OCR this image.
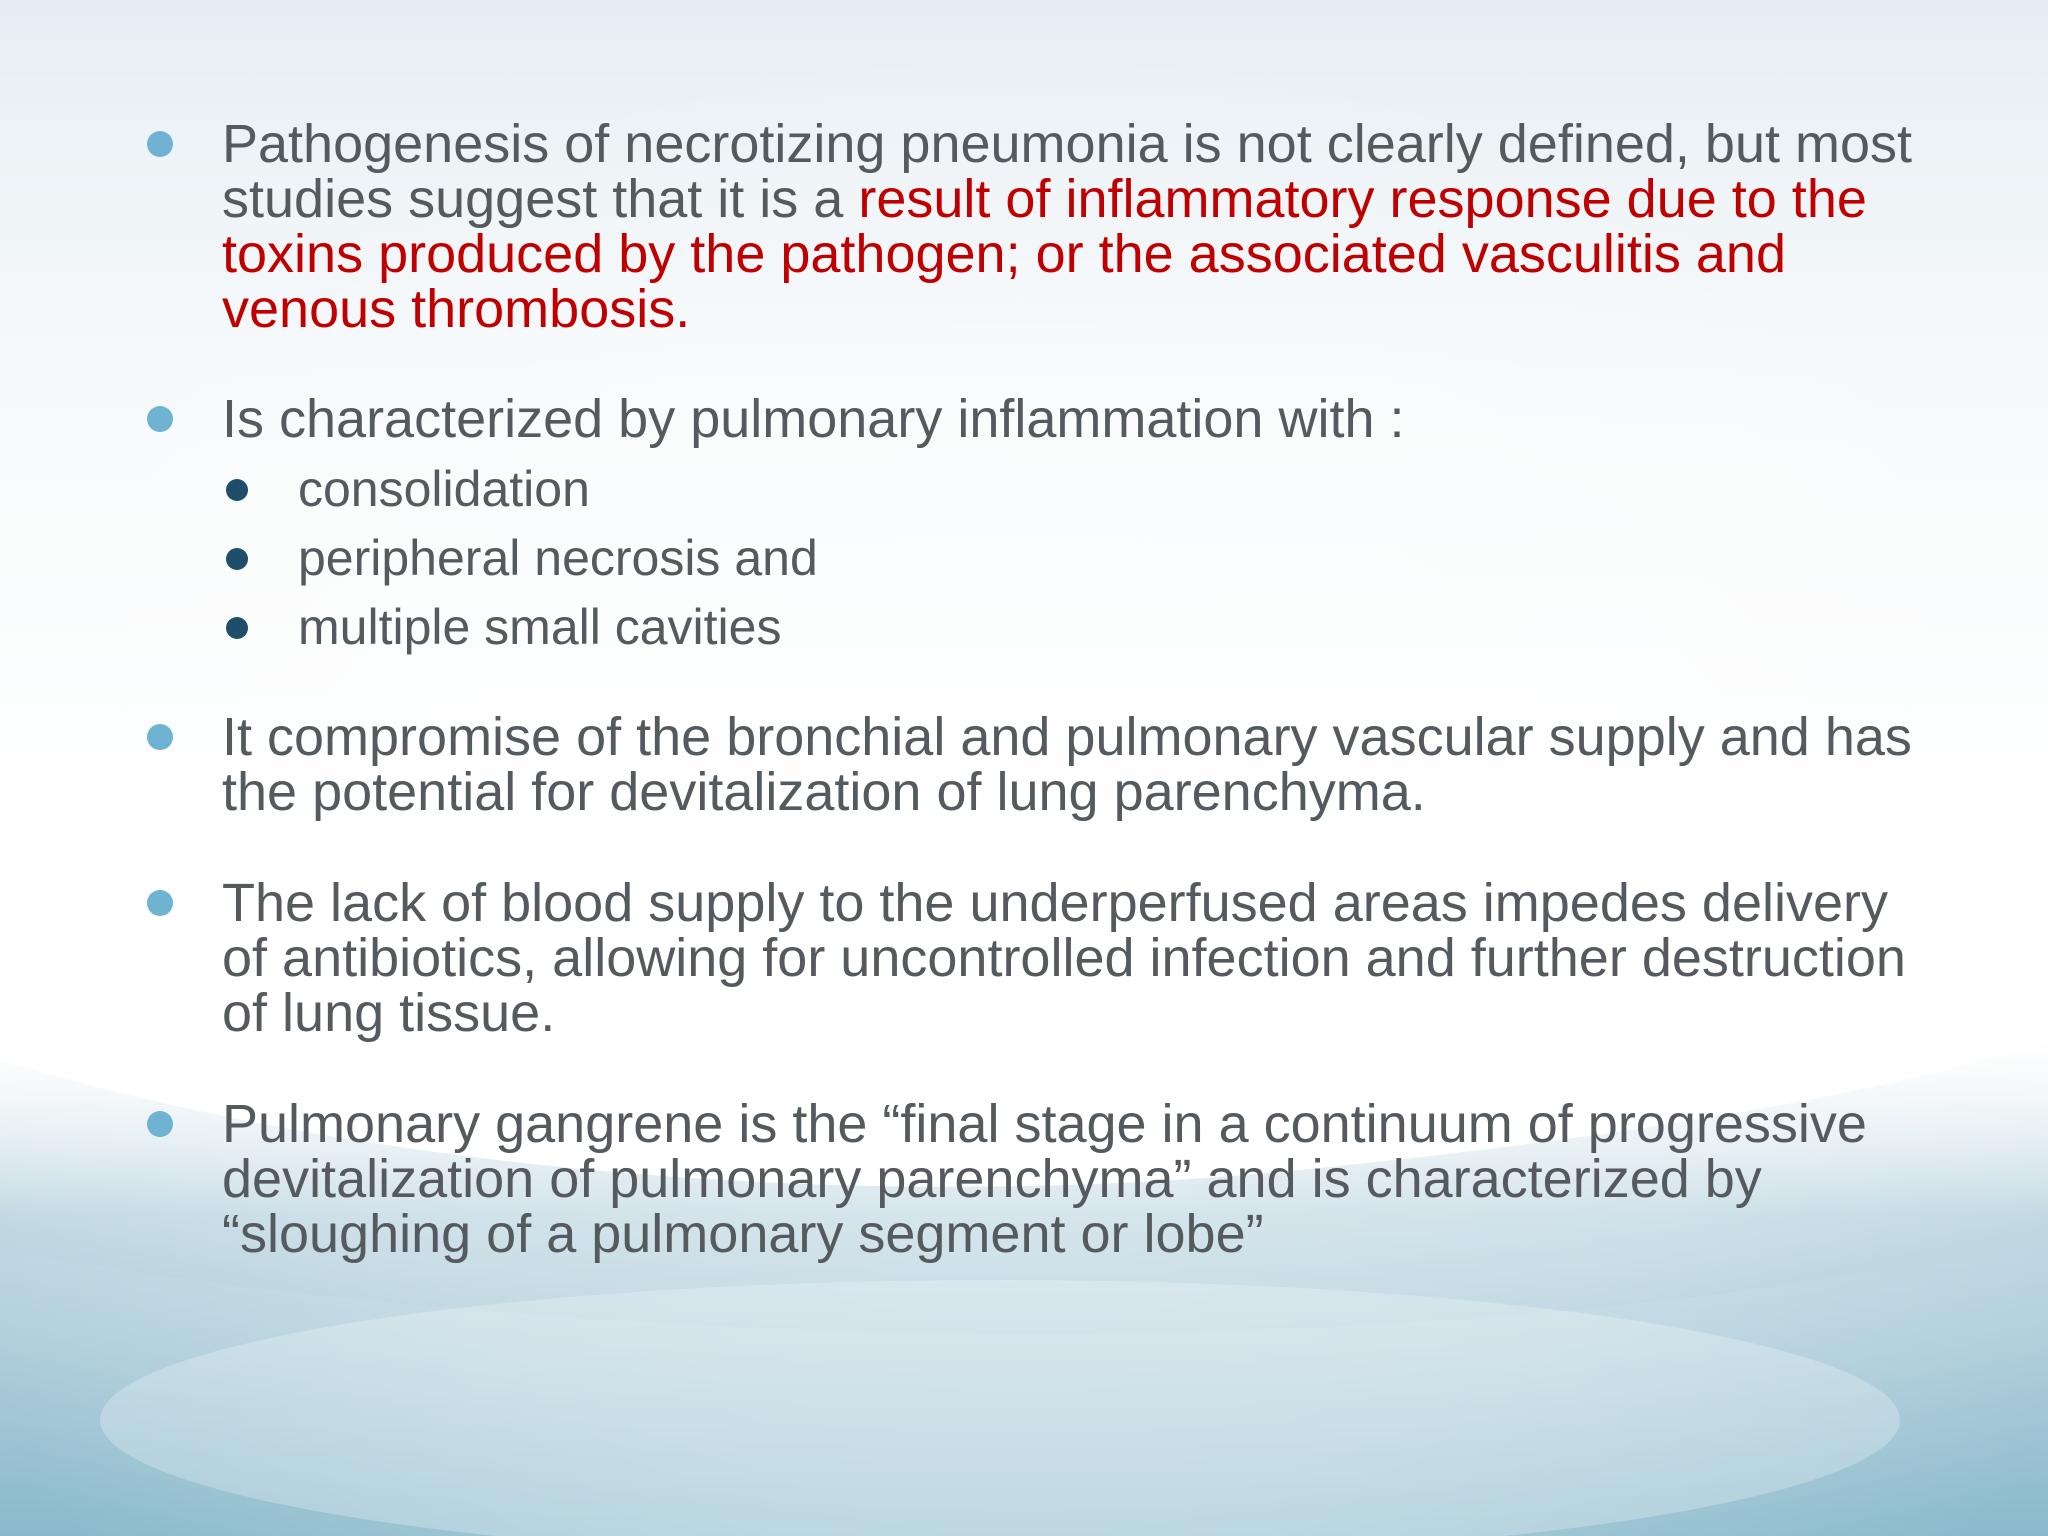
Pathogenesis of necrotizing pneumonia is not clearly defined, but most studies suggest that it is a result of inflammatory response due to the toxins produced by the pathogen; or the associated vasculitis and venous thrombosis.
Is characterized by pulmonary inflammation with :
consolidation
peripheral necrosis and
multiple small cavities
It compromise of the bronchial and pulmonary vascular supply and has the potential for devitalization of lung parenchyma.
The lack of blood supply to the underperfused areas impedes delivery of antibiotics, allowing for uncontrolled infection and further destruction of lung tissue.
Pulmonary gangrene is the “final stage in a continuum of progressive devitalization of pulmonary parenchyma” and is characterized by “sloughing of a pulmonary segment or lobe”
